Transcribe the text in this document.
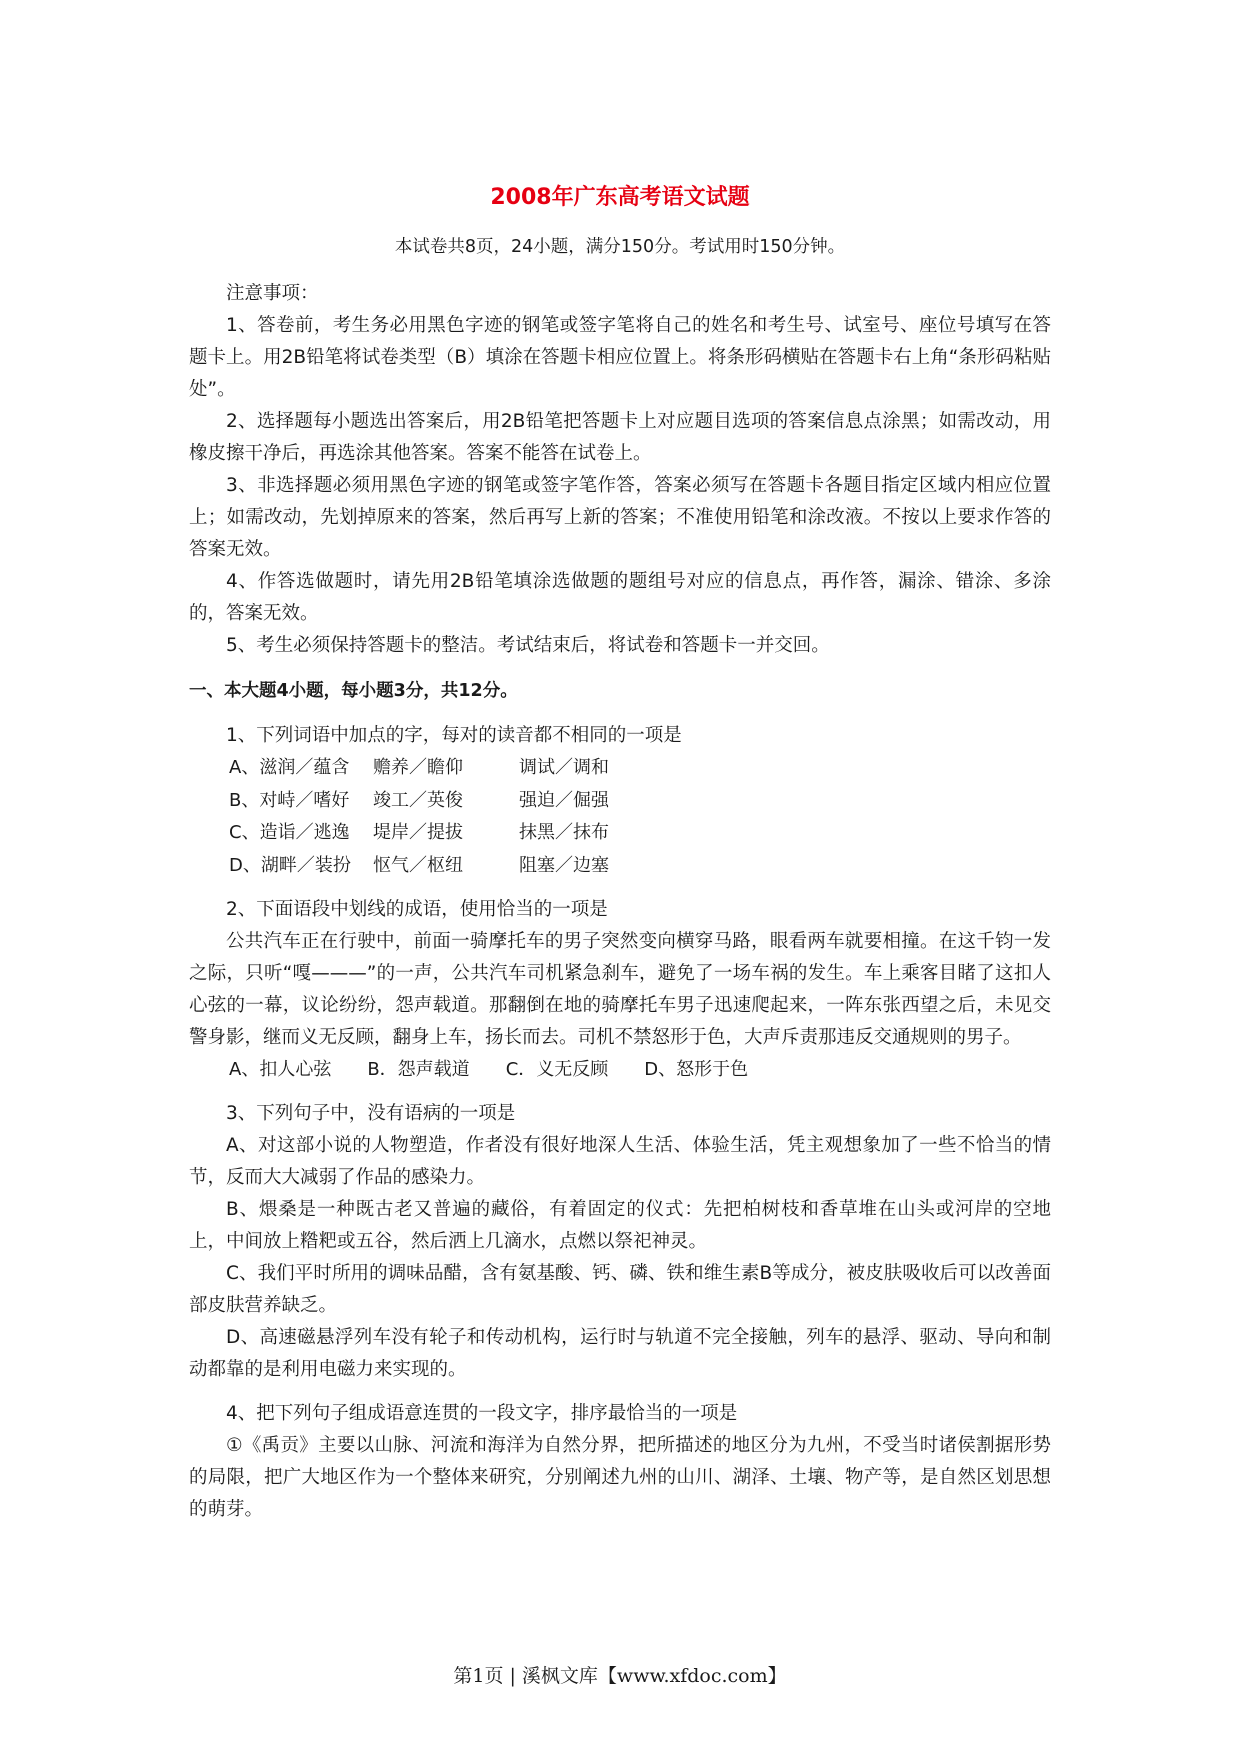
2008年广东高考语文试题
本试卷共8页，24小题，满分150分。考试用时150分钟。

注意事项：

1、答卷前，考生务必用黑色字迹的钢笔或签字笔将自己的姓名和考生号、试室号、座位号填写在答题卡上。用2B铅笔将试卷类型（B）填涂在答题卡相应位置上。将条形码横贴在答题卡右上角“条形码粘贴处”。

2、选择题每小题选出答案后，用2B铅笔把答题卡上对应题目选项的答案信息点涂黑；如需改动，用橡皮擦干净后，再选涂其他答案。答案不能答在试卷上。

3、非选择题必须用黑色字迹的钢笔或签字笔作答，答案必须写在答题卡各题目指定区域内相应位置上；如需改动，先划掉原来的答案，然后再写上新的答案；不准使用铅笔和涂改液。不按以上要求作答的答案无效。

4、作答选做题时，请先用2B铅笔填涂选做题的题组号对应的信息点，再作答，漏涂、错涂、多涂的，答案无效。

5、考生必须保持答题卡的整洁。考试结束后，将试卷和答题卡一并交回。

一、本大题4小题，每小题3分，共12分。

1、下列词语中加点的字，每对的读音都不相同的一项是

A、滋润／蕴含 赡养／瞻仰	调试／调和
B、对峙／嗜好 竣工／英俊	强迫／倔强
C、造诣／逃逸 堤岸／提拔	抹黑／抹布
D、湖畔／装扮 怄气／枢纽	阻塞／边塞

2、下面语段中划线的成语，使用恰当的一项是

公共汽车正在行驶中，前面一骑摩托车的男子突然变向横穿马路，眼看两车就要相撞。在这千钧一发之际，只听“嘎———”的一声，公共汽车司机紧急刹车，避免了一场车祸的发生。车上乘客目睹了这扣人心弦的一幕，议论纷纷，怨声载道。那翻倒在地的骑摩托车男子迅速爬起来，一阵东张西望之后，未见交警身影，继而义无反顾，翻身上车，扬长而去。司机不禁怒形于色，大声斥责那违反交通规则的男子。

A、扣人心弦 B．怨声载道 C．义无反顾 D、怒形于色

3、下列句子中，没有语病的一项是

A、对这部小说的人物塑造，作者没有很好地深人生活、体验生活，凭主观想象加了一些不恰当的情节，反而大大减弱了作品的感染力。

B、煨桑是一种既古老又普遍的藏俗，有着固定的仪式：先把柏树枝和香草堆在山头或河岸的空地上，中间放上糌粑或五谷，然后洒上几滴水，点燃以祭祀神灵。

C、我们平时所用的调味品醋，含有氨基酸、钙、磷、铁和维生素B等成分，被皮肤吸收后可以改善面部皮肤营养缺乏。

D、高速磁悬浮列车没有轮子和传动机构，运行时与轨道不完全接触，列车的悬浮、驱动、导向和制动都靠的是利用电磁力来实现的。

4、把下列句子组成语意连贯的一段文字，排序最恰当的一项是

①《禹贡》主要以山脉、河流和海洋为自然分界，把所描述的地区分为九州，不受当时诸侯割据形势的局限，把广大地区作为一个整体来研究，分别阐述九州的山川、湖泽、土壤、物产等，是自然区划思想的萌芽。

第1页 | 溪枫文库【www.xfdoc.com】
